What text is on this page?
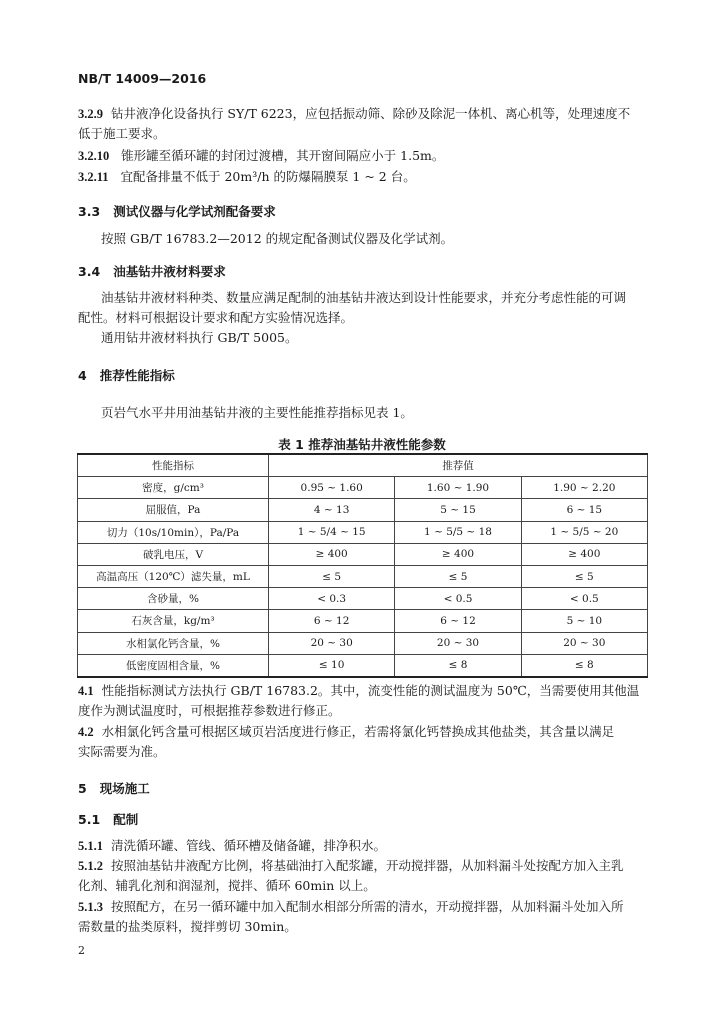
NB/T 14009—2016
3.2.9 钻井液净化设备执行 SY/T 6223，应包括振动筛、除砂及除泥一体机、离心机等，处理速度不
低于施工要求。
3.2.10 锥形罐至循环罐的封闭过渡槽，其开窗间隔应小于 1.5m。
3.2.11 宜配备排量不低于 20m³/h 的防爆隔膜泵 1 ~ 2 台。
3.3 测试仪器与化学试剂配备要求
按照 GB/T 16783.2—2012 的规定配备测试仪器及化学试剂。
3.4 油基钻井液材料要求
油基钻井液材料种类、数量应满足配制的油基钻井液达到设计性能要求，并充分考虑性能的可调
配性。材料可根据设计要求和配方实验情况选择。
通用钻井液材料执行 GB/T 5005。
4 推荐性能指标
页岩气水平井用油基钻井液的主要性能推荐指标见表 1。
表 1 推荐油基钻井液性能参数
性能指标	推荐值		
密度，g/cm³	0.95 ~ 1.60	1.60 ~ 1.90	1.90 ~ 2.20
屈服值，Pa	4 ~ 13	5 ~ 15	6 ~ 15
切力（10s/10min），Pa/Pa	1 ~ 5/4 ~ 15	1 ~ 5/5 ~ 18	1 ~ 5/5 ~ 20
破乳电压，V	≥ 400	≥ 400	≥ 400
高温高压（120℃）滤失量，mL	≤ 5	≤ 5	≤ 5
含砂量，%	< 0.3	< 0.5	< 0.5
石灰含量，kg/m³	6 ~ 12	6 ~ 12	5 ~ 10
水相氯化钙含量，%	20 ~ 30	20 ~ 30	20 ~ 30
低密度固相含量，%	≤ 10	≤ 8	≤ 8
4.1 性能指标测试方法执行 GB/T 16783.2。其中，流变性能的测试温度为 50℃，当需要使用其他温
度作为测试温度时，可根据推荐参数进行修正。
4.2 水相氯化钙含量可根据区域页岩活度进行修正，若需将氯化钙替换成其他盐类，其含量以满足
实际需要为准。
5 现场施工
5.1 配制
5.1.1 清洗循环罐、管线、循环槽及储备罐，排净积水。
5.1.2 按照油基钻井液配方比例，将基础油打入配浆罐，开动搅拌器，从加料漏斗处按配方加入主乳
化剂、辅乳化剂和润湿剂，搅拌、循环 60min 以上。
5.1.3 按照配方，在另一循环罐中加入配制水相部分所需的清水，开动搅拌器，从加料漏斗处加入所
需数量的盐类原料，搅拌剪切 30min。
2
